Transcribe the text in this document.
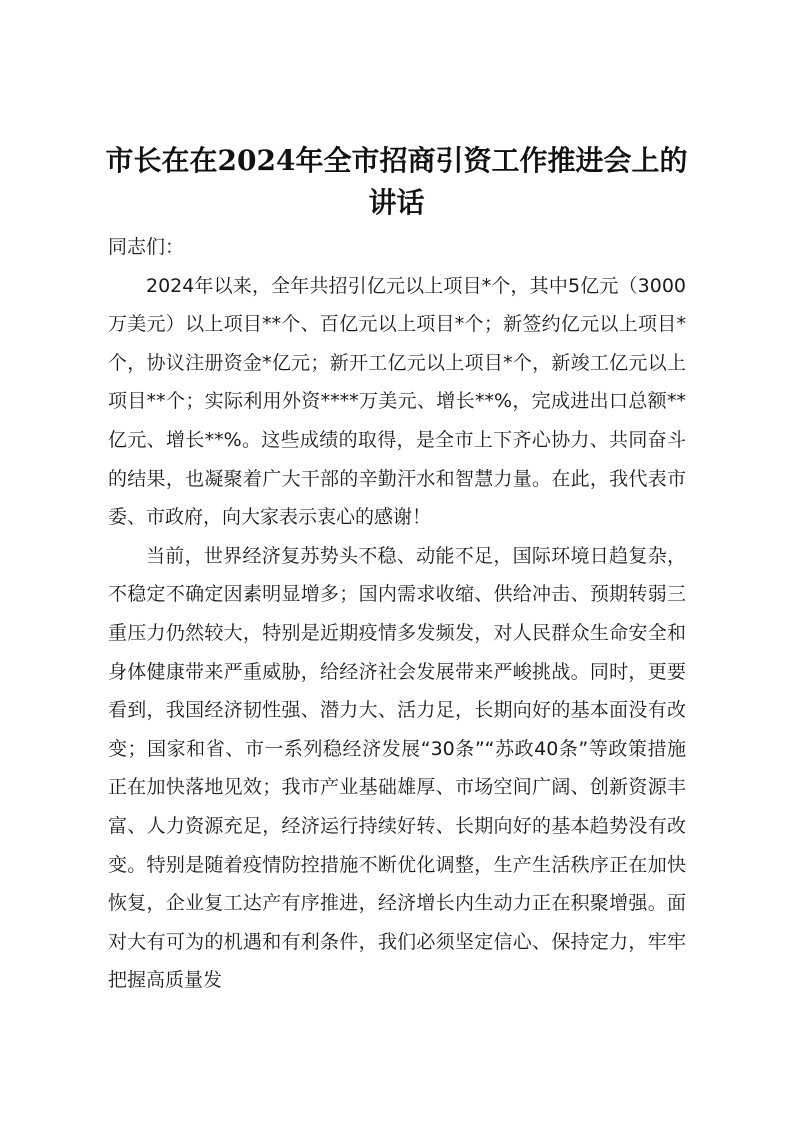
市长在在2024年全市招商引资工作推进会上的讲话

同志们：

2024年以来，全年共招引亿元以上项目*个，其中5亿元（3000万美元）以上项目**个、百亿元以上项目*个；新签约亿元以上项目*个，协议注册资金*亿元；新开工亿元以上项目*个，新竣工亿元以上项目**个；实际利用外资****万美元、增长**%，完成进出口总额**亿元、增长**%。这些成绩的取得，是全市上下齐心协力、共同奋斗的结果，也凝聚着广大干部的辛勤汗水和智慧力量。在此，我代表市委、市政府，向大家表示衷心的感谢！

当前，世界经济复苏势头不稳、动能不足，国际环境日趋复杂，不稳定不确定因素明显增多；国内需求收缩、供给冲击、预期转弱三重压力仍然较大，特别是近期疫情多发频发，对人民群众生命安全和身体健康带来严重威胁，给经济社会发展带来严峻挑战。同时，更要看到，我国经济韧性强、潜力大、活力足，长期向好的基本面没有改变；国家和省、市一系列稳经济发展“30条”“苏政40条”等政策措施正在加快落地见效；我市产业基础雄厚、市场空间广阔、创新资源丰富、人力资源充足，经济运行持续好转、长期向好的基本趋势没有改变。特别是随着疫情防控措施不断优化调整，生产生活秩序正在加快恢复，企业复工达产有序推进，经济增长内生动力正在积聚增强。面对大有可为的机遇和有利条件，我们必须坚定信心、保持定力，牢牢把握高质量发
